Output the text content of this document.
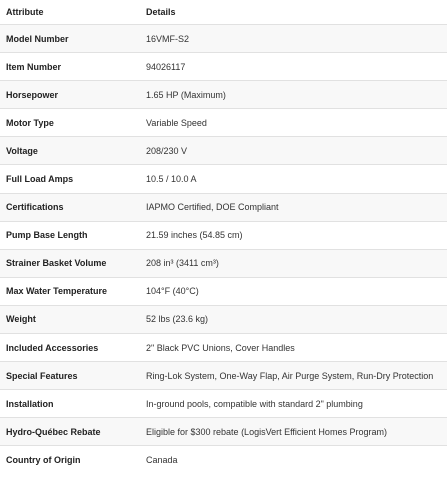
Attribute	Details
Model Number	16VMF-S2
Item Number	94026117
Horsepower	1.65 HP (Maximum)
Motor Type	Variable Speed
Voltage	208/230 V
Full Load Amps	10.5 / 10.0 A
Certifications	IAPMO Certified, DOE Compliant
Pump Base Length	21.59 inches (54.85 cm)
Strainer Basket Volume	208 in³ (3411 cm³)
Max Water Temperature	104°F (40°C)
Weight	52 lbs (23.6 kg)
Included Accessories	2" Black PVC Unions, Cover Handles
Special Features	Ring-Lok System, One-Way Flap, Air Purge System, Run-Dry Protection
Installation	In-ground pools, compatible with standard 2" plumbing
Hydro-Québec Rebate	Eligible for $300 rebate (LogisVert Efficient Homes Program)
Country of Origin	Canada
